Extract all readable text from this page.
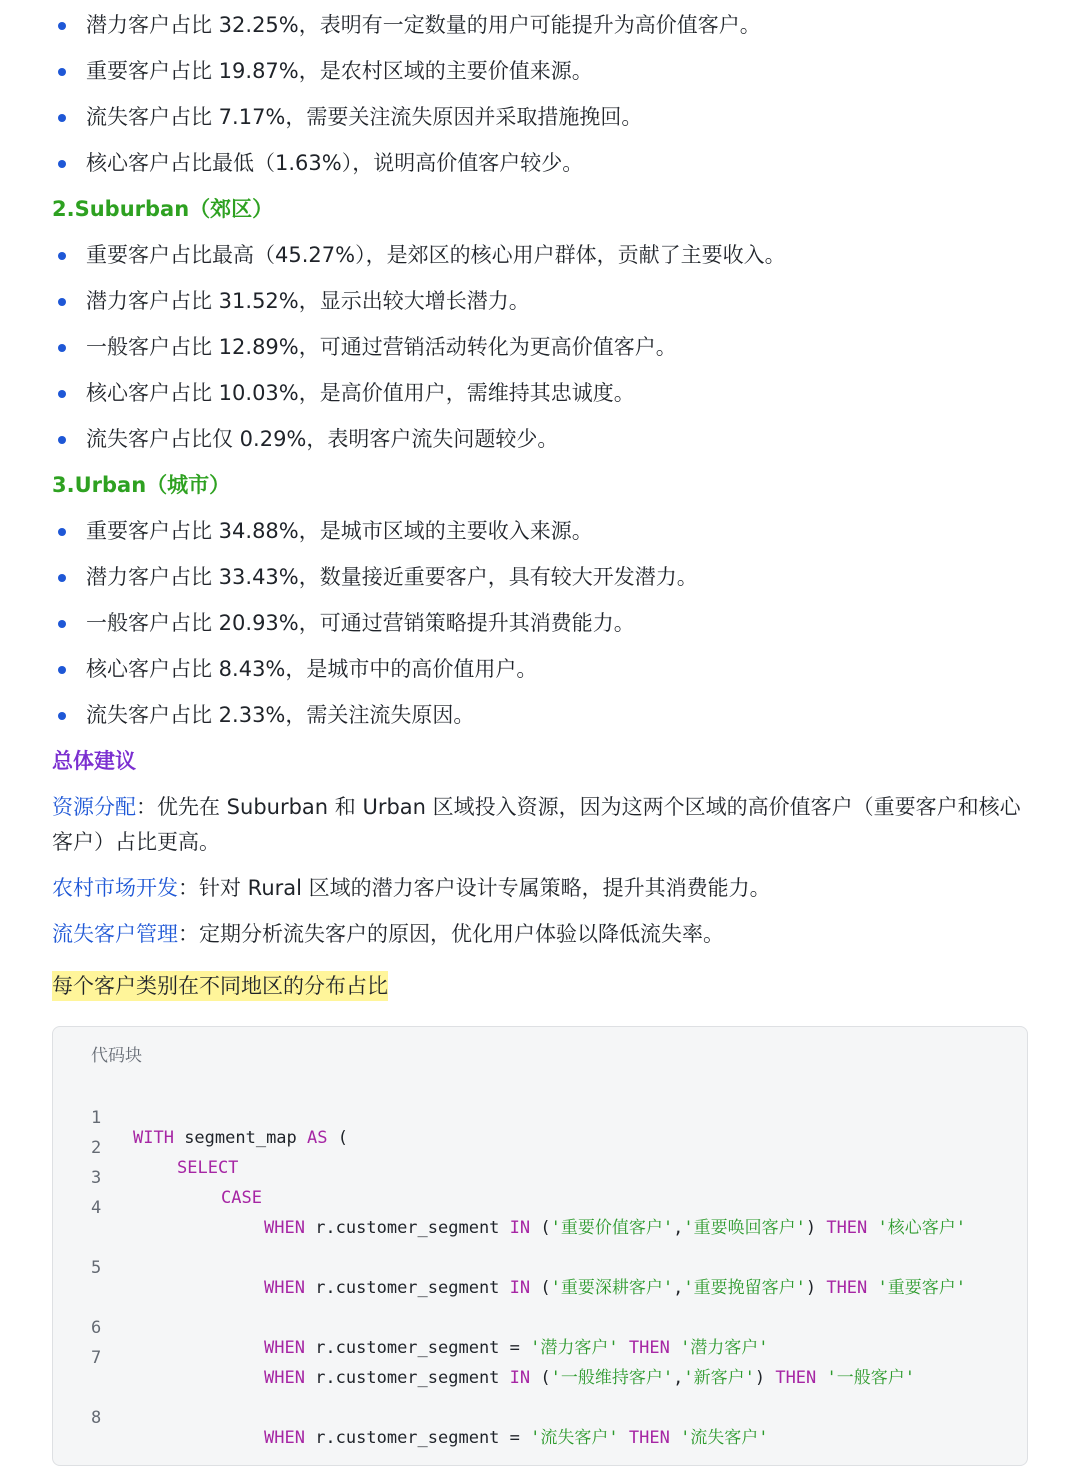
潜力客户占比 32.25%，表明有一定数量的用户可能提升为高价值客户。
重要客户占比 19.87%，是农村区域的主要价值来源。
流失客户占比 7.17%，需要关注流失原因并采取措施挽回。
核心客户占比最低（1.63%），说明高价值客户较少。
2.Suburban（郊区）
重要客户占比最高（45.27%），是郊区的核心用户群体，贡献了主要收入。
潜力客户占比 31.52%，显示出较大增长潜力。
一般客户占比 12.89%，可通过营销活动转化为更高价值客户。
核心客户占比 10.03%，是高价值用户，需维持其忠诚度。
流失客户占比仅 0.29%，表明客户流失问题较少。
3.Urban（城市）
重要客户占比 34.88%，是城市区域的主要收入来源。
潜力客户占比 33.43%，数量接近重要客户，具有较大开发潜力。
一般客户占比 20.93%，可通过营销策略提升其消费能力。
核心客户占比 8.43%，是城市中的高价值用户。
流失客户占比 2.33%，需关注流失原因。
总体建议

资源分配：优先在 Suburban 和 Urban 区域投入资源，因为这两个区域的高价值客户（重要客户和核心客户）占比更高。

农村市场开发：针对 Rural 区域的潜力客户设计专属策略，提升其消费能力。

流失客户管理：定期分析流失客户的原因，优化用户体验以降低流失率。

每个客户类别在不同地区的分布占比
代码块

1

WITH segment_map AS (

2

SELECT

3

CASE

4

WHEN r.customer_segment IN ('重要价值客户','重要唤回客户') THEN '核心客户'

5

WHEN r.customer_segment IN ('重要深耕客户','重要挽留客户') THEN '重要客户'

6

WHEN r.customer_segment = '潜力客户' THEN '潜力客户'

7

WHEN r.customer_segment IN ('一般维持客户','新客户') THEN '一般客户'

8

WHEN r.customer_segment = '流失客户' THEN '流失客户'
